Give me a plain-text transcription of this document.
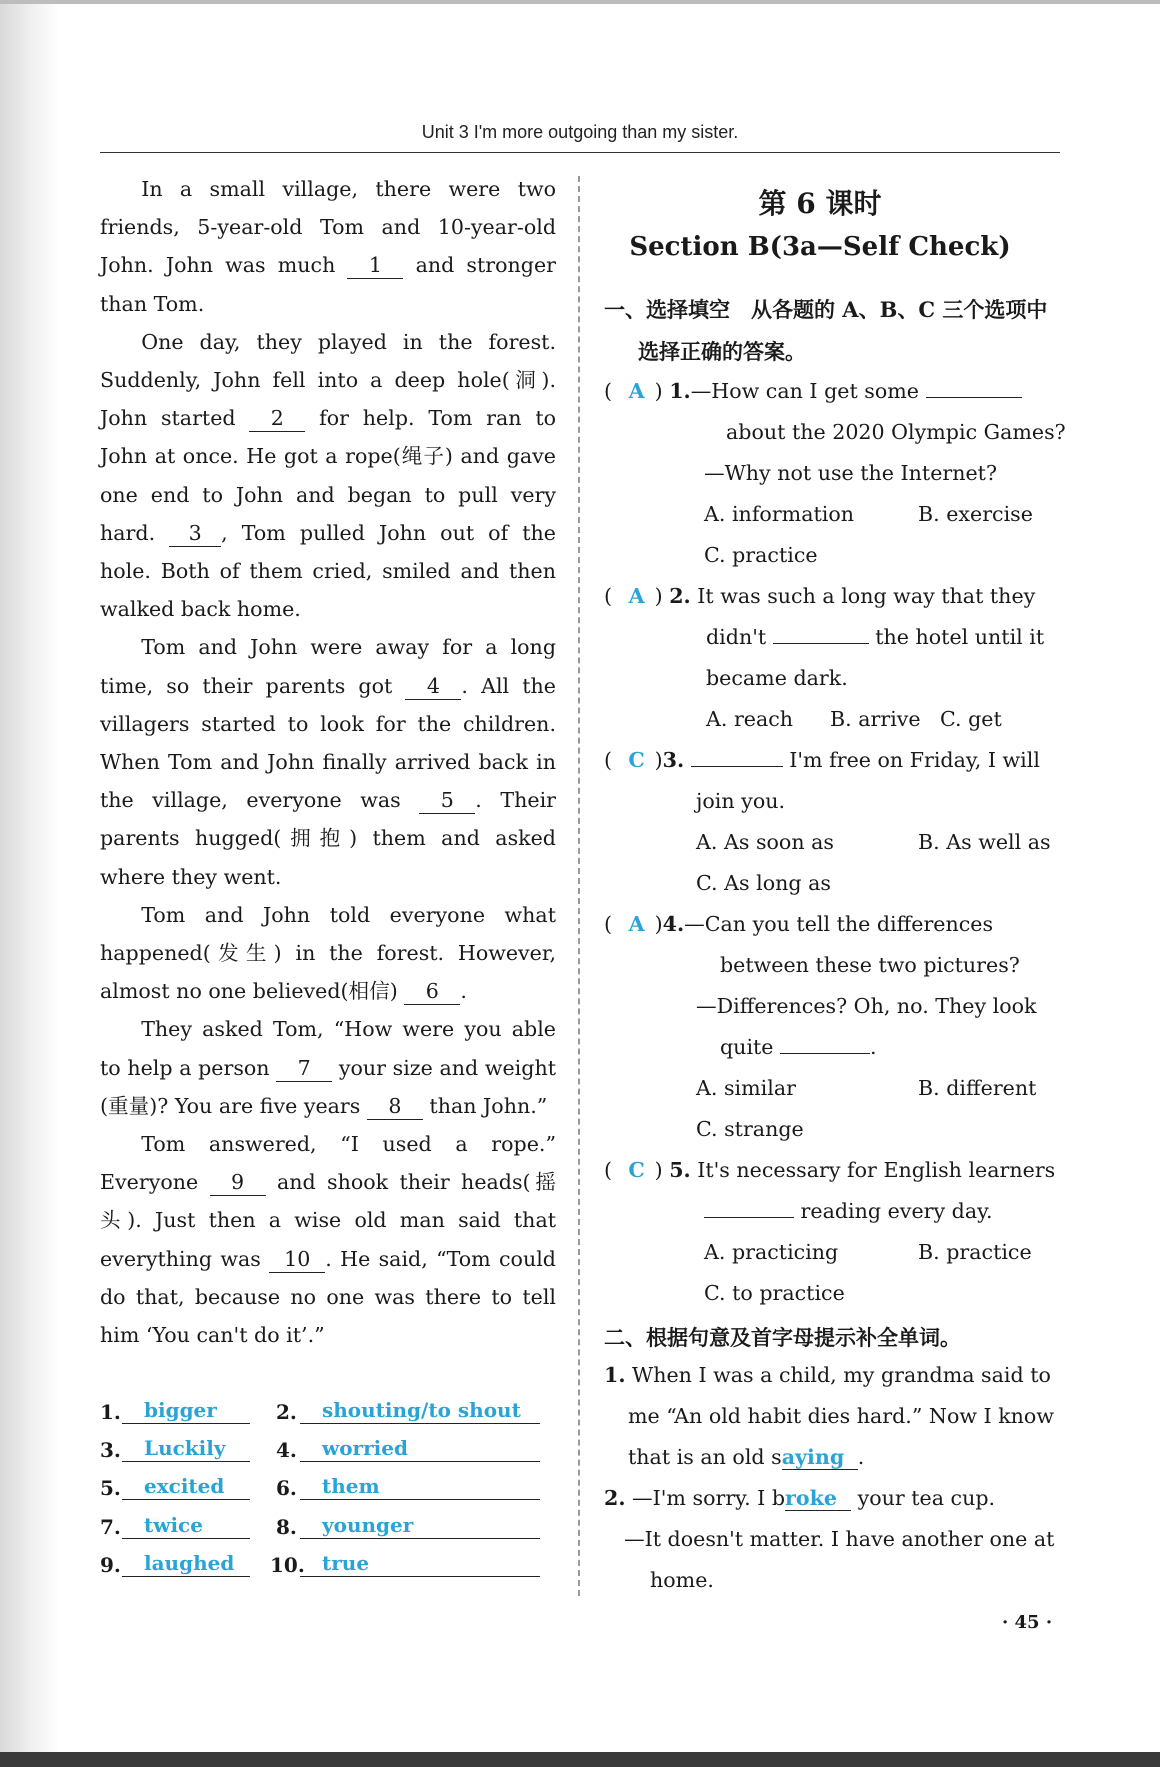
Unit 3 I'm more outgoing than my sister.

In a small village, there were two friends, 5-year-old Tom and 10-year-old John. John was much 1 and stronger than Tom.

One day, they played in the forest. Suddenly, John fell into a deep hole(洞). John started 2 for help. Tom ran to John at once. He got a rope(绳子) and gave one end to John and began to pull very hard. 3 , Tom pulled John out of the hole. Both of them cried, smiled and then walked back home.

Tom and John were away for a long time, so their parents got 4 . All the villagers started to look for the children. When Tom and John finally arrived back in the village, everyone was 5 . Their parents hugged(拥抱) them and asked where they went.

Tom and John told everyone what happened(发生) in the forest. However, almost no one believed(相信) 6 .

They asked Tom, “How were you able to help a person 7 your size and weight (重量)? You are five years 8 than John.”

Tom answered, “I used a rope.” Everyone 9 and shook their heads(摇头). Just then a wise old man said that everything was 10 . He said, “Tom could do that, because no one was there to tell him ‘You can't do it’.”

1.	bigger	2.	shouting/to shout
3.	Luckily	4.	worried
5.	excited	6.	them
7.	twice	8.	younger
9.	laughed	10. true
第 6 课时
Section B(3a—Self Check)
一、选择填空　从各题的 A、B、C 三个选项中
选择正确的答案。
( A ) 1.—How can I get some
about the 2020 Olympic Games?
—Why not use the Internet?
A. information	B. exercise
C. practice
( A ) 2. It was such a long way that they
didn't	the hotel until it
became dark.
A. reach B. arrive C. get
( C )3.	I'm free on Friday, I will
join you.
A. As soon as	B. As well as
C. As long as
( A )4.—Can you tell the differences
between these two pictures?
—Differences? Oh, no. They look
quite	.
A. similar	B. different
C. strange
( C ) 5. It's necessary for English learners
reading every day.
A. practicing	B. practice
C. to practice
二、根据句意及首字母提示补全单词。
1. When I was a child, my grandma said to
me “An old habit dies hard.” Now I know
that is an old saying .
2. —I'm sorry. I broke your tea cup.
—It doesn't matter. I have another one at
home.
· 45 ·
